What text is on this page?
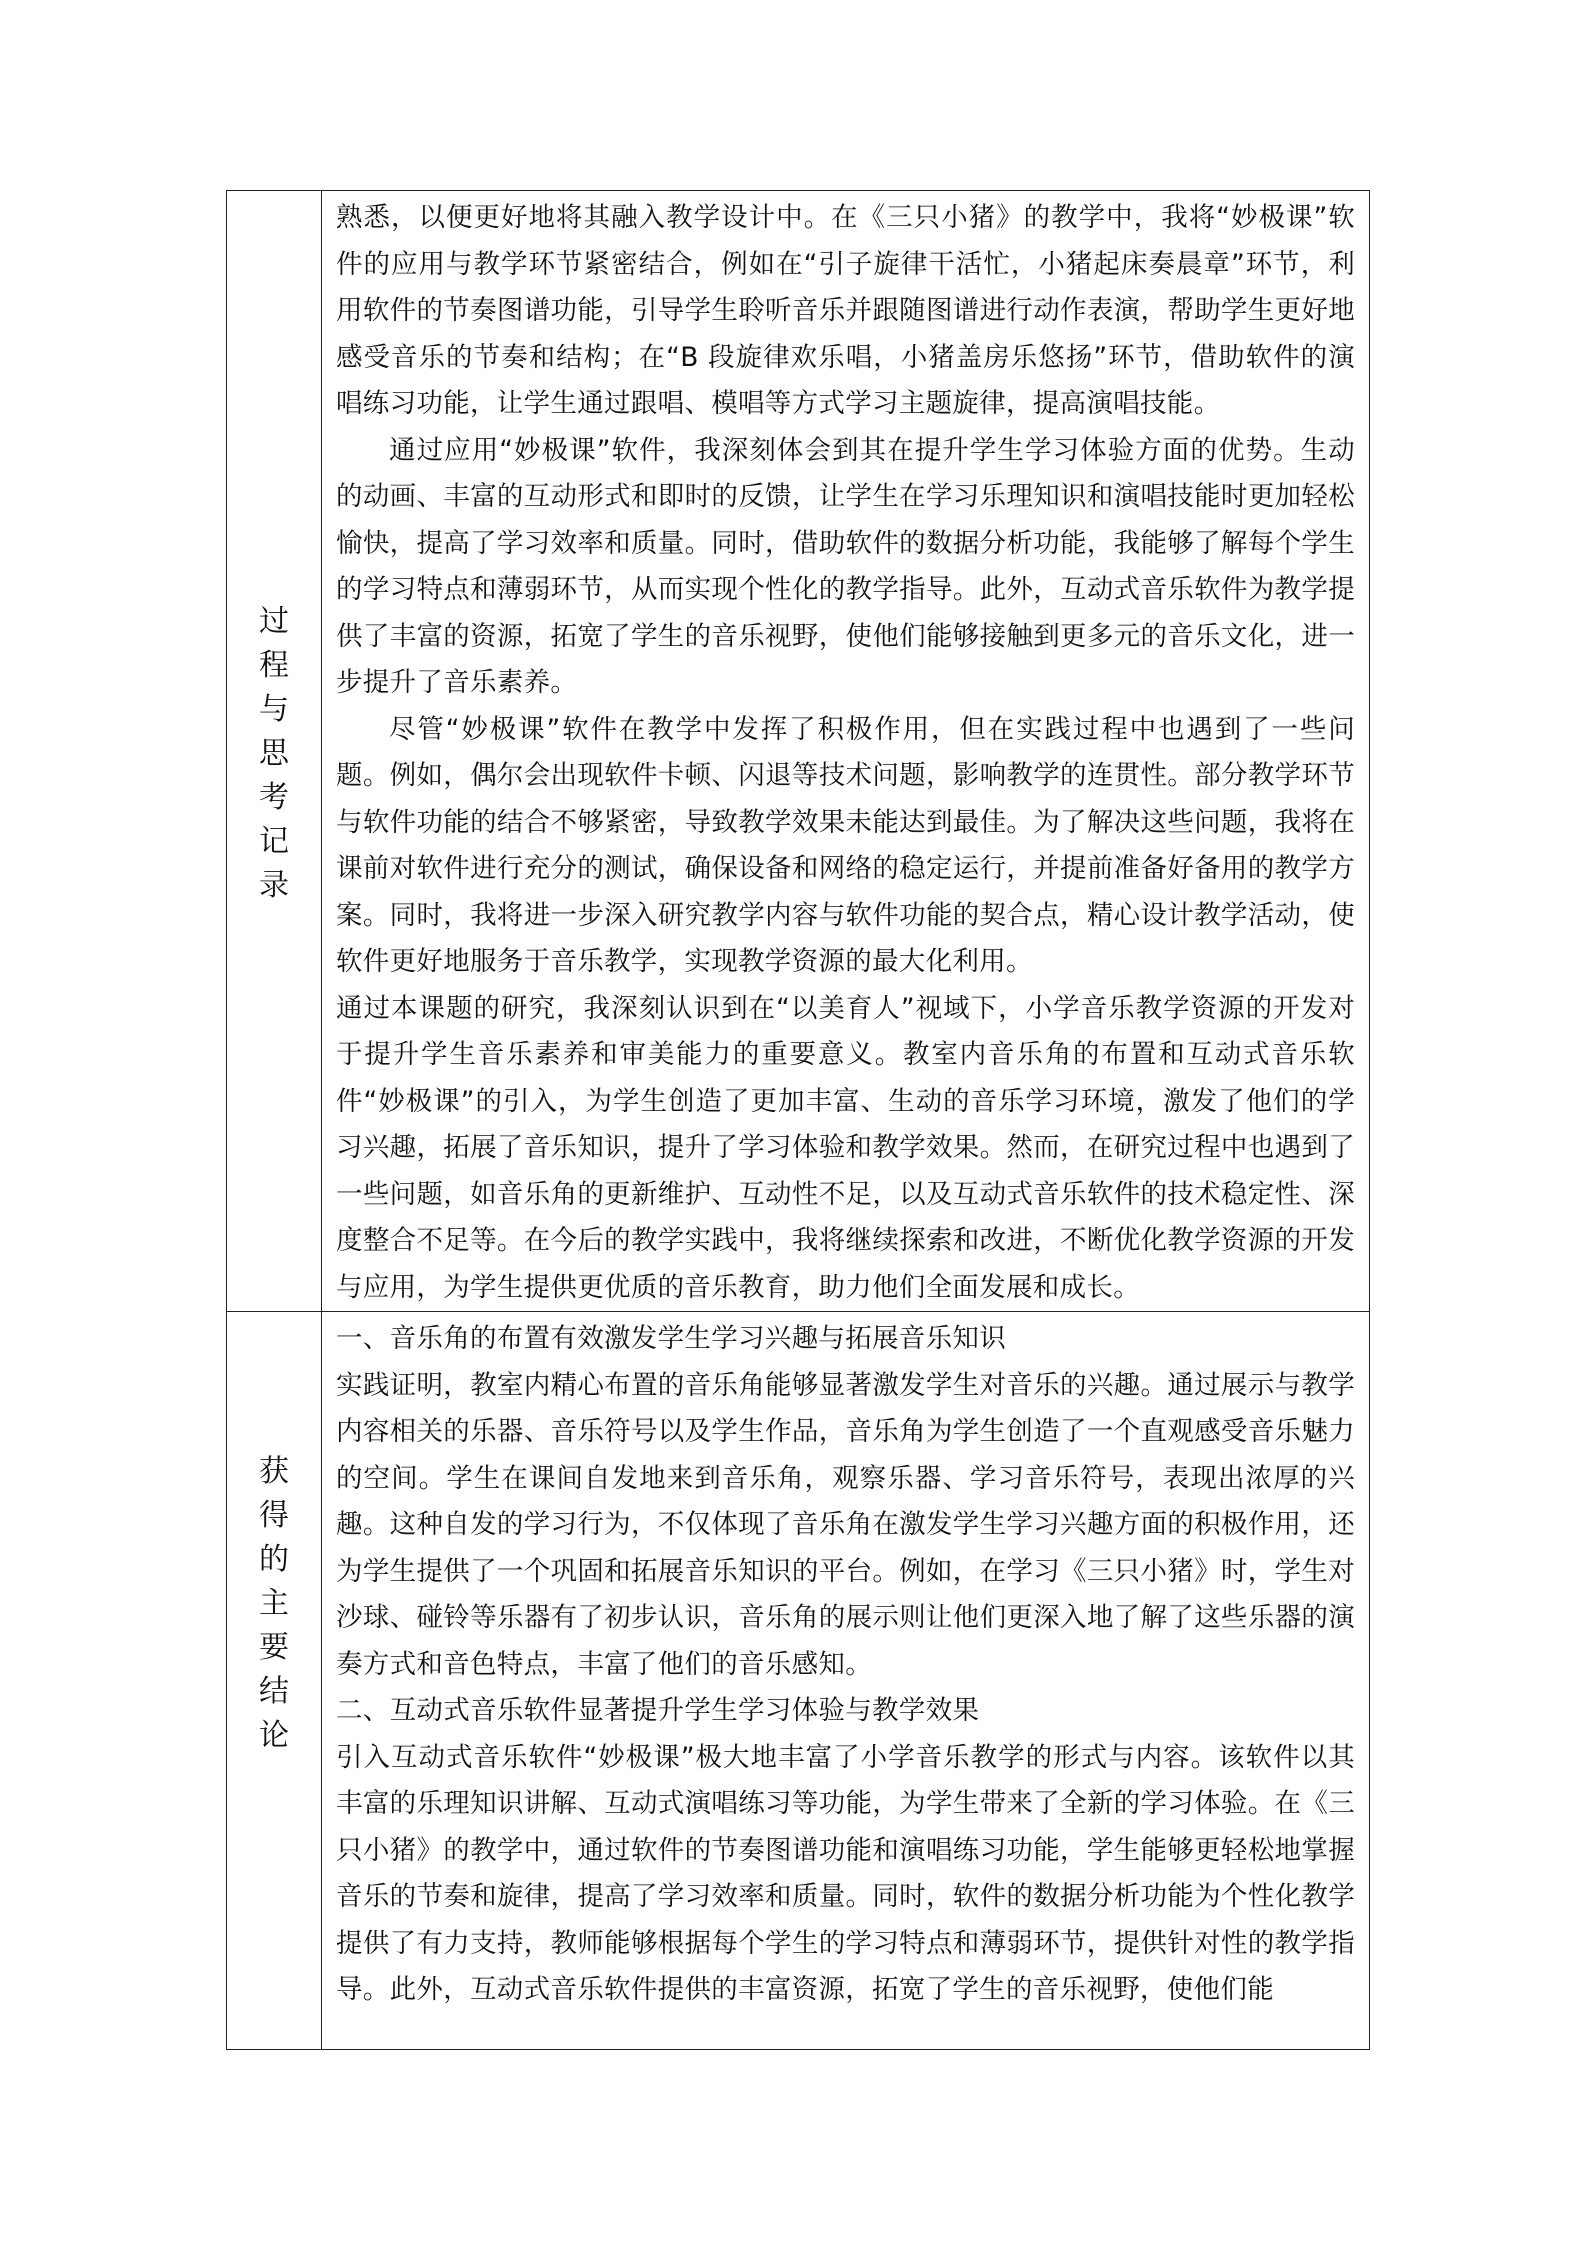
过程与思考记录	熟悉，以便更好地将其融入教学设计中。在《三只小猪》的教学中，我将“妙极课”软件的应用与教学环节紧密结合，例如在“引子旋律干活忙，小猪起床奏晨章”环节，利用软件的节奏图谱功能，引导学生聆听音乐并跟随图谱进行动作表演，帮助学生更好地感受音乐的节奏和结构；在“B 段旋律欢乐唱，小猪盖房乐悠扬”环节，借助软件的演唱练习功能，让学生通过跟唱、模唱等方式学习主题旋律，提高演唱技能。

通过应用“妙极课”软件，我深刻体会到其在提升学生学习体验方面的优势。生动的动画、丰富的互动形式和即时的反馈，让学生在学习乐理知识和演唱技能时更加轻松愉快，提高了学习效率和质量。同时，借助软件的数据分析功能，我能够了解每个学生的学习特点和薄弱环节，从而实现个性化的教学指导。此外，互动式音乐软件为教学提供了丰富的资源，拓宽了学生的音乐视野，使他们能够接触到更多元的音乐文化，进一步提升了音乐素养。

尽管“妙极课”软件在教学中发挥了积极作用，但在实践过程中也遇到了一些问题。例如，偶尔会出现软件卡顿、闪退等技术问题，影响教学的连贯性。部分教学环节与软件功能的结合不够紧密，导致教学效果未能达到最佳。为了解决这些问题，我将在课前对软件进行充分的测试，确保设备和网络的稳定运行，并提前准备好备用的教学方案。同时，我将进一步深入研究教学内容与软件功能的契合点，精心设计教学活动，使软件更好地服务于音乐教学，实现教学资源的最大化利用。

通过本课题的研究，我深刻认识到在“以美育人”视域下，小学音乐教学资源的开发对于提升学生音乐素养和审美能力的重要意义。教室内音乐角的布置和互动式音乐软件“妙极课”的引入，为学生创造了更加丰富、生动的音乐学习环境，激发了他们的学习兴趣，拓展了音乐知识，提升了学习体验和教学效果。然而，在研究过程中也遇到了一些问题，如音乐角的更新维护、互动性不足，以及互动式音乐软件的技术稳定性、深度整合不足等。在今后的教学实践中，我将继续探索和改进，不断优化教学资源的开发与应用，为学生提供更优质的音乐教育，助力他们全面发展和成长。

获得的主要结论	一、音乐角的布置有效激发学生学习兴趣与拓展音乐知识

实践证明，教室内精心布置的音乐角能够显著激发学生对音乐的兴趣。通过展示与教学内容相关的乐器、音乐符号以及学生作品，音乐角为学生创造了一个直观感受音乐魅力的空间。学生在课间自发地来到音乐角，观察乐器、学习音乐符号，表现出浓厚的兴趣。这种自发的学习行为，不仅体现了音乐角在激发学生学习兴趣方面的积极作用，还为学生提供了一个巩固和拓展音乐知识的平台。例如，在学习《三只小猪》时，学生对沙球、碰铃等乐器有了初步认识，音乐角的展示则让他们更深入地了解了这些乐器的演奏方式和音色特点，丰富了他们的音乐感知。

二、互动式音乐软件显著提升学生学习体验与教学效果

引入互动式音乐软件“妙极课”极大地丰富了小学音乐教学的形式与内容。该软件以其丰富的乐理知识讲解、互动式演唱练习等功能，为学生带来了全新的学习体验。在《三只小猪》的教学中，通过软件的节奏图谱功能和演唱练习功能，学生能够更轻松地掌握音乐的节奏和旋律，提高了学习效率和质量。同时，软件的数据分析功能为个性化教学提供了有力支持，教师能够根据每个学生的学习特点和薄弱环节，提供针对性的教学指导。此外，互动式音乐软件提供的丰富资源，拓宽了学生的音乐视野，使他们能
